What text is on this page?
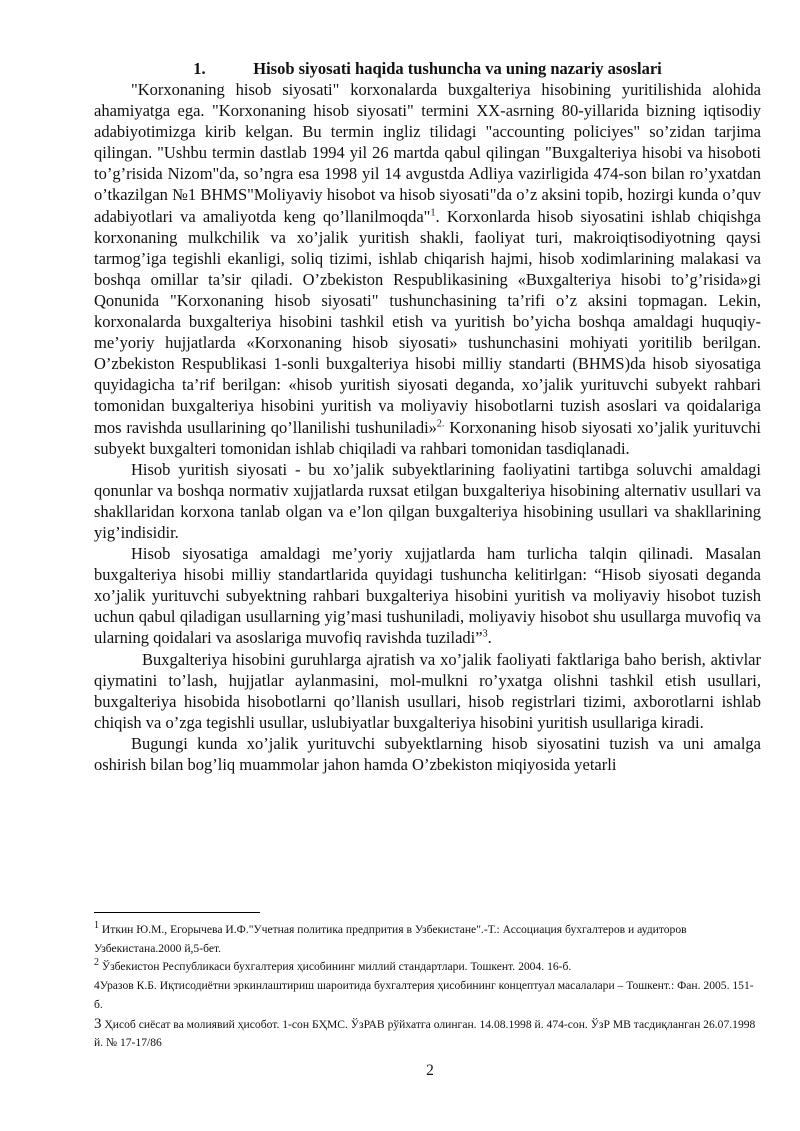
1.	Hisob siyosati haqida tushuncha va uning nazariy asoslari

"Korxonaning hisob siyosati" korxonalarda buxgalteriya hisobining yuritilishida alohida ahamiyatga ega. "Korxonaning hisob siyosati" termini XX-asrning 80-yillarida bizning iqtisodiy adabiyotimizga kirib kelgan. Bu termin ingliz tilidagi "accounting policiyes" so’zidan tarjima qilingan. "Ushbu termin dastlab 1994 yil 26 martda qabul qilingan "Buxgalteriya hisobi va hisoboti to’g’risida Nizom"da, so’ngra esa 1998 yil 14 avgustda Adliya vazirligida 474-son bilan ro’yxatdan o’tkazilgan №1 BHMS"Moliyaviy hisobot va hisob siyosati"da o’z aksini topib, hozirgi kunda o’quv adabiyotlari va amaliyotda keng qo’llanilmoqda"$^1$. Korxonlarda hisob siyosatini ishlab chiqishga korxonaning mulkchilik va xo’jalik yuritish shakli, faoliyat turi, makroiqtisodiyotning qaysi tarmog’iga tegishli ekanligi, soliq tizimi, ishlab chiqarish hajmi, hisob xodimlarining malakasi va boshqa omillar ta’sir qiladi. O’zbekiston Respublikasining «Buxgalteriya hisobi to’g’risida»gi Qonunida "Korxonaning hisob siyosati" tushunchasining ta’rifi o’z aksini topmagan. Lekin, korxonalarda buxgalteriya hisobini tashkil etish va yuritish bo’yicha boshqa amaldagi huquqiy-me’yoriy hujjatlarda «Korxonaning hisob siyosati» tushunchasini mohiyati yoritilib berilgan. O’zbekiston Respublikasi 1-sonli buxgalteriya hisobi milliy standarti (BHMS)da hisob siyosatiga quyidagicha ta’rif berilgan: «hisob yuritish siyosati deganda, xo’jalik yurituvchi subyekt rahbari tomonidan buxgalteriya hisobini yuritish va moliyaviy hisobotlarni tuzish asoslari va qoidalariga mos ravishda usullarining qo’llanilishi tushuniladi»$^{2.}$ Korxonaning hisob siyosati xo’jalik yurituvchi subyekt buxgalteri tomonidan ishlab chiqiladi va rahbari tomonidan tasdiqlanadi.

Hisob yuritish siyosati - bu xo’jalik subyektlarining faoliyatini tartibga soluvchi amaldagi qonunlar va boshqa normativ xujjatlarda ruxsat etilgan buxgalteriya hisobining alternativ usullari va shakllaridan korxona tanlab olgan va e’lon qilgan buxgalteriya hisobining usullari va shakllarining yig’indisidir.

Hisob siyosatiga amaldagi me’yoriy xujjatlarda ham turlicha talqin qilinadi. Masalan buxgalteriya hisobi milliy standartlarida quyidagi tushuncha kelitirlgan: “Hisob siyosati deganda xo’jalik yurituvchi subyektning rahbari buxgalteriya hisobini yuritish va moliyaviy hisobot tuzish uchun qabul qiladigan usullarning yig’masi tushuniladi, moliyaviy hisobot shu usullarga muvofiq va ularning qoidalari va asoslariga muvofiq ravishda tuziladi”$^3$.

Buxgalteriya hisobini guruhlarga ajratish va xo’jalik faoliyati faktlariga baho berish, aktivlar qiymatini to’lash, hujjatlar aylanmasini, mol-mulkni ro’yxatga olishni tashkil etish usullari, buxgalteriya hisobida hisobotlarni qo’llanish usullari, hisob registrlari tizimi, axborotlarni ishlab chiqish va o’zga tegishli usullar, uslubiyatlar buxgalteriya hisobini yuritish usullariga kiradi.

Bugungi kunda xo’jalik yurituvchi subyektlarning hisob siyosatini tuzish va uni amalga oshirish bilan bog’liq muammolar jahon hamda O’zbekiston miqiyosida yetarli

$^1$ Иткин Ю.М., Егорычева И.Ф."Учетная политика предпрития в Узбекистане".-Т.: Ассоциация бухгалтеров и аудиторов Узбекистана.2000 й,5-бет.

$^2$ Ўзбекистон Республикаси бухгалтерия ҳисобининг миллий стандартлари. Тошкент. 2004. 16-б.

4Уразов К.Б. Иқтисодиётни эркинлаштириш шароитида бухгалтерия ҳисобининг концептуал масалалари – Тошкент.: Фан. 2005. 151-б.

3 Ҳисоб сиёсат ва молиявий ҳисобот. 1-сон БҲМС. ЎзРАВ рўйхатга олинган. 14.08.1998 й. 474-сон. ЎзР МВ тасдиқланган 26.07.1998 й. № 17-17/86

2
